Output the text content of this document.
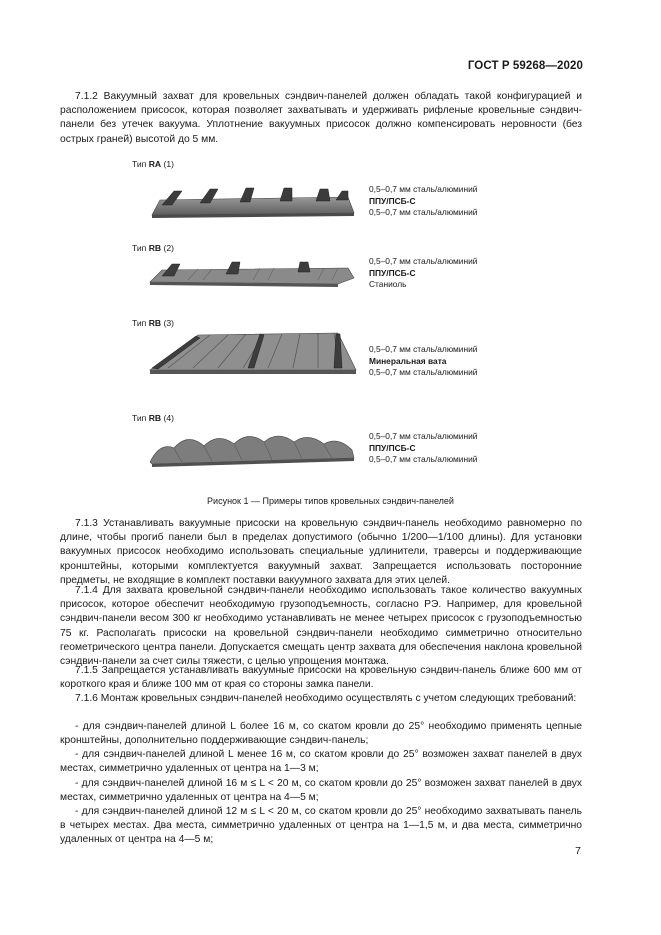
ГОСТ Р 59268—2020

7.1.2 Вакуумный захват для кровельных сэндвич-панелей должен обладать такой конфигурацией и расположением присосок, которая позволяет захватывать и удерживать рифленые кровельные сэндвич-панели без утечек вакуума. Уплотнение вакуумных присосок должно компенсировать неровности (без острых граней) высотой до 5 мм.

Тип RA (1)
0,5–0,7 мм сталь/алюминий
ППУ/ПСБ-С
0,5–0,7 мм сталь/алюминий
Тип RB (2)
0,5–0,7 мм сталь/алюминий
ППУ/ПСБ-С
Станиоль
Тип RB (3)
0,5–0,7 мм сталь/алюминий
Минеральная вата
0,5–0,7 мм сталь/алюминий
Тип RB (4)
0,5–0,7 мм сталь/алюминий
ППУ/ПСБ-С
0,5–0,7 мм сталь/алюминий
Рисунок 1 — Примеры типов кровельных сэндвич-панелей

7.1.3 Устанавливать вакуумные присоски на кровельную сэндвич-панель необходимо равномерно по длине, чтобы прогиб панели был в пределах допустимого (обычно 1/200—1/100 длины). Для установки вакуумных присосок необходимо использовать специальные удлинители, траверсы и поддерживающие кронштейны, которыми комплектуется вакуумный захват. Запрещается использовать посторонние предметы, не входящие в комплект поставки вакуумного захвата для этих целей.

7.1.4 Для захвата кровельной сэндвич-панели необходимо использовать такое количество вакуумных присосок, которое обеспечит необходимую грузоподъемность, согласно РЭ. Например, для кровельной сэндвич-панели весом 300 кг необходимо устанавливать не менее четырех присосок с грузоподъемностью 75 кг. Располагать присоски на кровельной сэндвич-панели необходимо симметрично относительно геометрического центра панели. Допускается смещать центр захвата для обеспечения наклона кровельной сэндвич-панели за счет силы тяжести, с целью упрощения монтажа.

7.1.5 Запрещается устанавливать вакуумные присоски на кровельную сэндвич-панель ближе 600 мм от короткого края и ближе 100 мм от края со стороны замка панели.

7.1.6 Монтаж кровельных сэндвич-панелей необходимо осуществлять с учетом следующих требований:

- для сэндвич-панелей длиной L более 16 м, со скатом кровли до 25° необходимо применять цепные кронштейны, дополнительно поддерживающие сэндвич-панель;

- для сэндвич-панелей длиной L менее 16 м, со скатом кровли до 25° возможен захват панелей в двух местах, симметрично удаленных от центра на 1—3 м;

- для сэндвич-панелей длиной 16 м ≤ L < 20 м, со скатом кровли до 25° возможен захват панелей в двух местах, симметрично удаленных от центра на 4—5 м;

- для сэндвич-панелей длиной 12 м ≤ L < 20 м, со скатом кровли до 25° необходимо захватывать панель в четырех местах. Два места, симметрично удаленных от центра на 1—1,5 м, и два места, симметрично удаленных от центра на 4—5 м;

7
